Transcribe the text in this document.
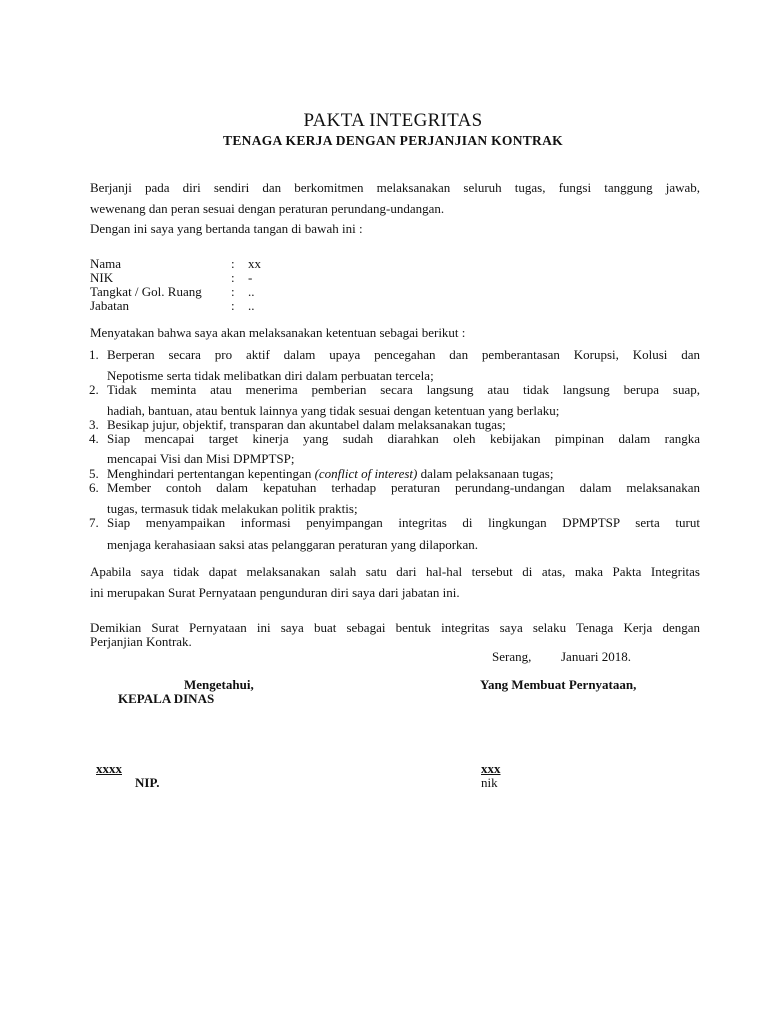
PAKTA INTEGRITAS
TENAGA KERJA DENGAN PERJANJIAN KONTRAK
Berjanji pada diri sendiri dan berkomitmen melaksanakan seluruh tugas, fungsi tanggung jawab,
wewenang dan peran sesuai dengan peraturan perundang-undangan.
Dengan ini saya yang bertanda tangan di bawah ini :
Nama	: xx
NIK	: -
Tangkat / Gol. Ruang	: ..
Jabatan	: ..
Menyatakan bahwa saya akan melaksanakan ketentuan sebagai berikut :
1. Berperan secara pro aktif dalam upaya pencegahan dan pemberantasan Korupsi, Kolusi dan
Nepotisme serta tidak melibatkan diri dalam perbuatan tercela;
2. Tidak meminta atau menerima pemberian secara langsung atau tidak langsung berupa suap,
hadiah, bantuan, atau bentuk lainnya yang tidak sesuai dengan ketentuan yang berlaku;
3. Besikap jujur, objektif, transparan dan akuntabel dalam melaksanakan tugas;
4. Siap mencapai target kinerja yang sudah diarahkan oleh kebijakan pimpinan dalam rangka
mencapai Visi dan Misi DPMPTSP;
5. Menghindari pertentangan kepentingan (conflict of interest) dalam pelaksanaan tugas;
6. Member contoh dalam kepatuhan terhadap peraturan perundang-undangan dalam melaksanakan
tugas, termasuk tidak melakukan politik praktis;
7. Siap menyampaikan informasi penyimpangan integritas di lingkungan DPMPTSP serta turut
menjaga kerahasiaan saksi atas pelanggaran peraturan yang dilaporkan.
Apabila saya tidak dapat melaksanakan salah satu dari hal-hal tersebut di atas, maka Pakta Integritas
ini merupakan Surat Pernyataan pengunduran diri saya dari jabatan ini.
Demikian Surat Pernyataan ini saya buat sebagai bentuk integritas saya selaku Tenaga Kerja dengan
Perjanjian Kontrak.
Serang, Januari 2018.
Mengetahui,
KEPALA DINAS
Yang Membuat Pernyataan,
xxxx
NIP.
xxx
nik
